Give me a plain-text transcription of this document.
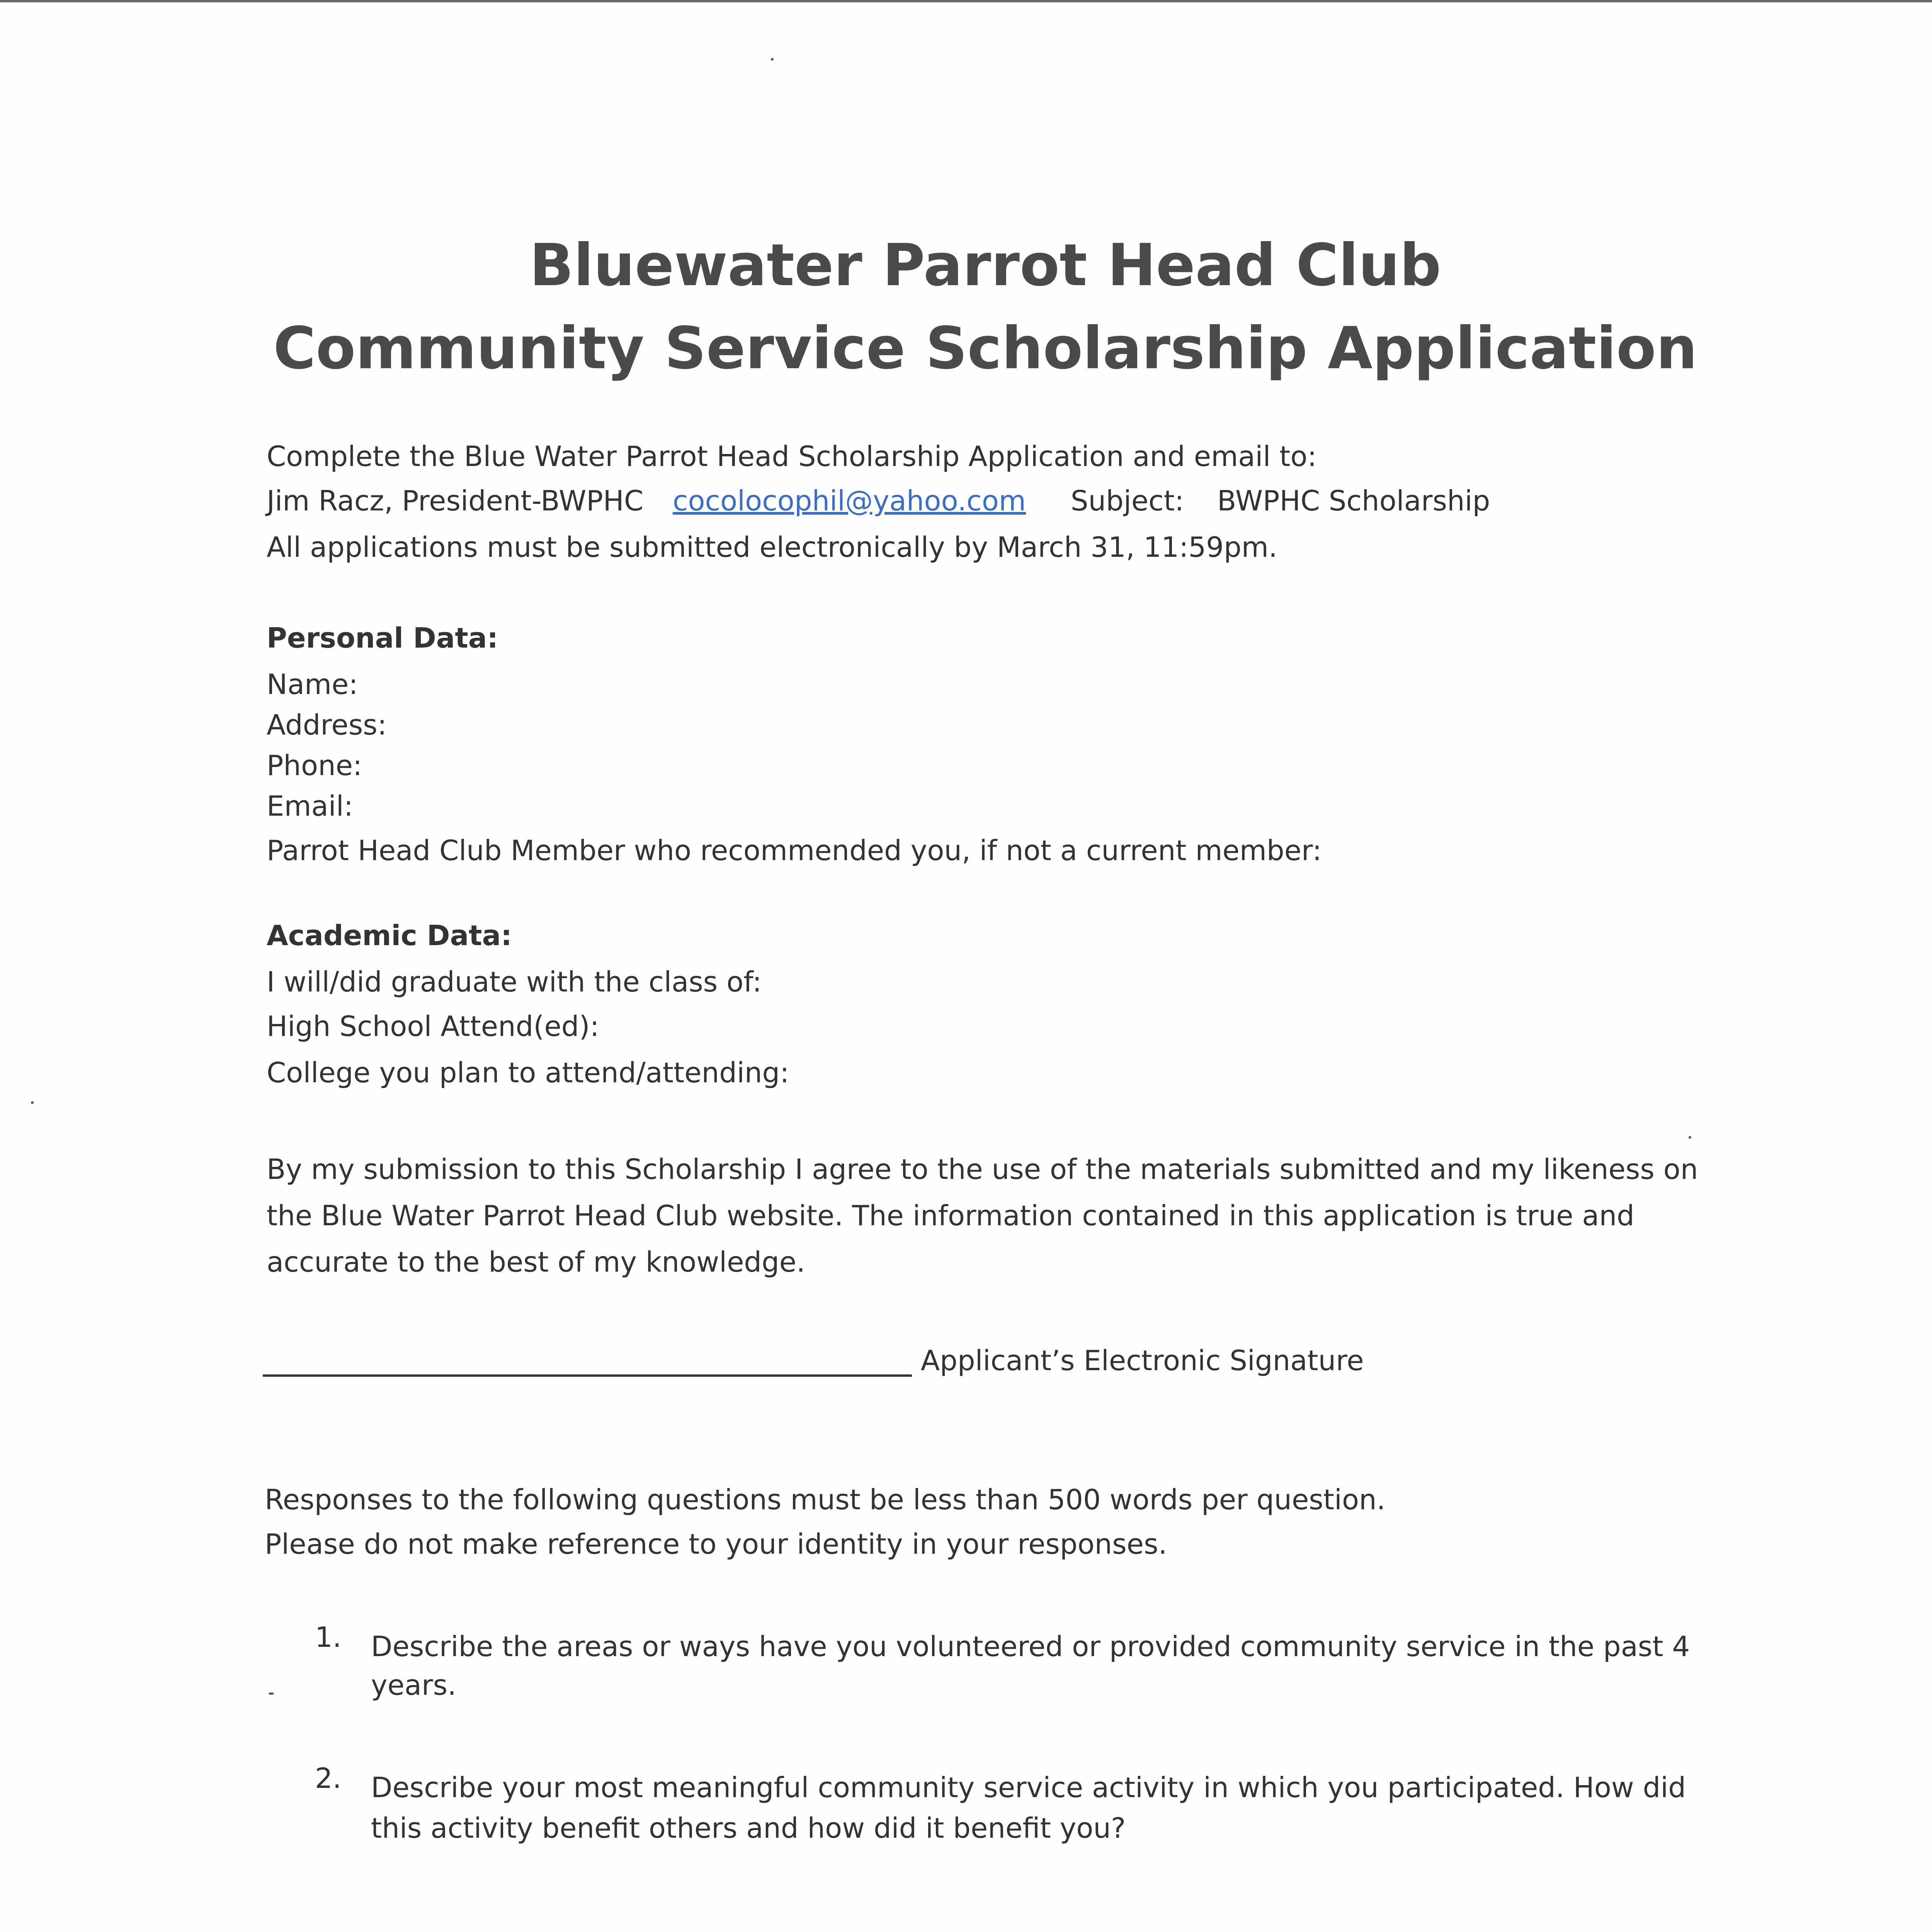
Bluewater Parrot Head Club
Community Service Scholarship Application
Complete the Blue Water Parrot Head Scholarship Application and email to:
Jim Racz, President-BWPHC cocolocophil@yahoo.com Subject: BWPHC Scholarship
All applications must be submitted electronically by March 31, 11:59pm.
Personal Data:
Name:
Address:
Phone:
Email:
Parrot Head Club Member who recommended you, if not a current member:
Academic Data:
I will/did graduate with the class of:
High School Attend(ed):
College you plan to attend/attending:
By my submission to this Scholarship I agree to the use of the materials submitted and my likeness on
the Blue Water Parrot Head Club website. The information contained in this application is true and
accurate to the best of my knowledge.
Applicant’s Electronic Signature
Responses to the following questions must be less than 500 words per question.
Please do not make reference to your identity in your responses.
1. Describe the areas or ways have you volunteered or provided community service in the past 4
years.
2. Describe your most meaningful community service activity in which you participated. How did
this activity benefit others and how did it benefit you?
